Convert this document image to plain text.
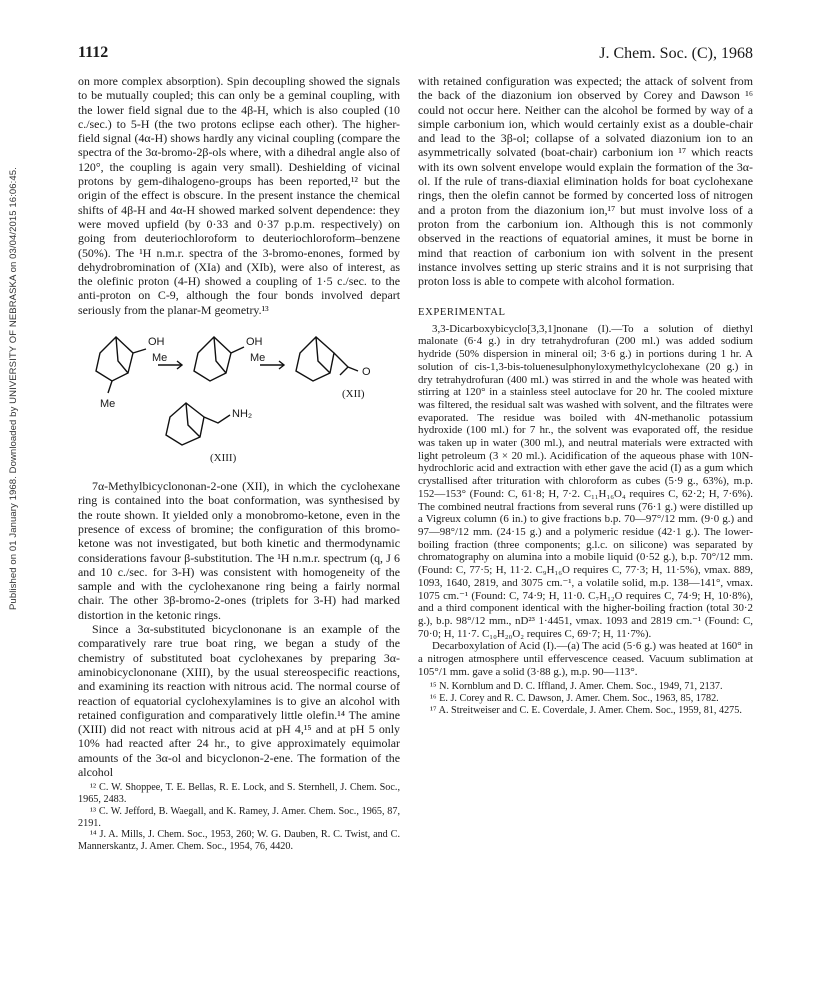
Published on 01 January 1968. Downloaded by UNIVERSITY OF NEBRASKA on 03/04/2015 16:06:45.
1112	J. Chem. Soc. (C), 1968

on more complex absorption). Spin decoupling showed the signals to be mutually coupled; this can only be a geminal coupling, with the lower field signal due to the 4β-H, which is also coupled (10 c./sec.) to 5-H (the two protons eclipse each other). The higher-field signal (4α-H) shows hardly any vicinal coupling (compare the spectra of the 3α-bromo-2β-ols where, with a dihedral angle also of 120°, the coupling is again very small). Deshielding of vicinal protons by gem-dihalogeno-groups has been reported,¹² but the origin of the effect is obscure. In the present instance the chemical shifts of 4β-H and 4α-H showed marked solvent dependence: they were moved upfield (by 0·33 and 0·37 p.p.m. respectively) on going from deuteriochloroform to deuteriochloroform–benzene (50%). The ¹H n.m.r. spectra of the 3-bromo-enones, formed by dehydrobromination of (XIa) and (XIb), were also of interest, as the olefinic proton (4-H) showed a coupling of 1·5 c./sec. to the anti-proton on C-9, although the four bonds involved depart seriously from the planar-M geometry.¹³

OH
Me
Me
OH
Me
O
(XII)
NH₂
(XIII)

7α-Methylbicyclononan-2-one (XII), in which the cyclohexane ring is contained into the boat conformation, was synthesised by the route shown. It yielded only a monobromo-ketone, even in the presence of excess of bromine; the configuration of this bromo-ketone was not investigated, but both kinetic and thermodynamic considerations favour β-substitution. The ¹H n.m.r. spectrum (q, J 6 and 10 c./sec. for 3-H) was consistent with homogeneity of the sample and with the cyclohexanone ring being a fairly normal chair. The other 3β-bromo-2-ones (triplets for 3-H) had marked distortion in the ketonic rings.

Since a 3α-substituted bicyclononane is an example of the comparatively rare true boat ring, we began a study of the chemistry of substituted boat cyclohexanes by preparing 3α-aminobicyclononane (XIII), by the usual stereospecific reactions, and examining its reaction with nitrous acid. The normal course of reaction of equatorial cyclohexylamines is to give an alcohol with retained configuration and comparatively little olefin.¹⁴ The amine (XIII) did not react with nitrous acid at pH 4,¹⁵ and at pH 5 only 10% had reacted after 24 hr., to give approximately equimolar amounts of the 3α-ol and bicyclonon-2-ene. The formation of the alcohol

¹² C. W. Shoppee, T. E. Bellas, R. E. Lock, and S. Sternhell, J. Chem. Soc., 1965, 2483.

¹³ C. W. Jefford, B. Waegall, and K. Ramey, J. Amer. Chem. Soc., 1965, 87, 2191.

¹⁴ J. A. Mills, J. Chem. Soc., 1953, 260; W. G. Dauben, R. C. Twist, and C. Mannerskantz, J. Amer. Chem. Soc., 1954, 76, 4420.

with retained configuration was expected; the attack of solvent from the back of the diazonium ion observed by Corey and Dawson ¹⁶ could not occur here. Neither can the alcohol be formed by way of a simple carbonium ion, which would certainly exist as a double-chair and lead to the 3β-ol; collapse of a solvated diazonium ion to an asymmetrically solvated (boat-chair) carbonium ion ¹⁷ which reacts with its own solvent envelope would explain the formation of the 3α-ol. If the rule of trans-diaxial elimination holds for boat cyclohexane rings, then the olefin cannot be formed by concerted loss of nitrogen and a proton from the diazonium ion,¹⁷ but must involve loss of a proton from the carbonium ion. Although this is not commonly observed in the reactions of equatorial amines, it must be borne in mind that reaction of carbonium ion with solvent in the present instance involves setting up steric strains and it is not surprising that proton loss is able to compete with alcohol formation.

EXPERIMENTAL

3,3-Dicarboxybicyclo[3,3,1]nonane (I).—To a solution of diethyl malonate (6·4 g.) in dry tetrahydrofuran (200 ml.) was added sodium hydride (50% dispersion in mineral oil; 3·6 g.) in portions during 1 hr. A solution of cis-1,3-bis-toluenesulphonyloxymethylcyclohexane (20 g.) in dry tetrahydrofuran (400 ml.) was stirred in and the whole was heated with stirring at 120° in a stainless steel autoclave for 20 hr. The cooled mixture was filtered, the residual salt was washed with solvent, and the filtrates were evaporated. The residue was boiled with 4N-methanolic potassium hydroxide (100 ml.) for 7 hr., the solvent was evaporated off, the residue was taken up in water (300 ml.), and neutral materials were extracted with light petroleum (3 × 20 ml.). Acidification of the aqueous phase with 10N-hydrochloric acid and extraction with ether gave the acid (I) as a gum which crystallised after trituration with chloroform as cubes (5·9 g., 63%), m.p. 152—153° (Found: C, 61·8; H, 7·2. C₁₁H₁₆O₄ requires C, 62·2; H, 7·6%). The combined neutral fractions from several runs (76·1 g.) were distilled up a Vigreux column (6 in.) to give fractions b.p. 70—97°/12 mm. (9·0 g.) and 97—98°/12 mm. (24·15 g.) and a polymeric residue (42·1 g.). The lower-boiling fraction (three components; g.l.c. on silicone) was separated by chromatography on alumina into a mobile liquid (0·52 g.), b.p. 70°/12 mm. (Found: C, 77·5; H, 11·2. C₉H₁₆O requires C, 77·3; H, 11·5%), νmax. 889, 1093, 1640, 2819, and 3075 cm.⁻¹, a volatile solid, m.p. 138—141°, νmax. 1075 cm.⁻¹ (Found: C, 74·9; H, 11·0. C₇H₁₂O requires C, 74·9; H, 10·8%), and a third component identical with the higher-boiling fraction (total 30·2 g.), b.p. 98°/12 mm., nD²³ 1·4451, νmax. 1093 and 2819 cm.⁻¹ (Found: C, 70·0; H, 11·7. C₁₀H₂₀O₂ requires C, 69·7; H, 11·7%).

Decarboxylation of Acid (I).—(a) The acid (5·6 g.) was heated at 160° in a nitrogen atmosphere until effervescence ceased. Vacuum sublimation at 105°/1 mm. gave a solid (3·88 g.), m.p. 90—113°.

¹⁵ N. Kornblum and D. C. Iffland, J. Amer. Chem. Soc., 1949, 71, 2137.

¹⁶ E. J. Corey and R. C. Dawson, J. Amer. Chem. Soc., 1963, 85, 1782.

¹⁷ A. Streitweiser and C. E. Coverdale, J. Amer. Chem. Soc., 1959, 81, 4275.
